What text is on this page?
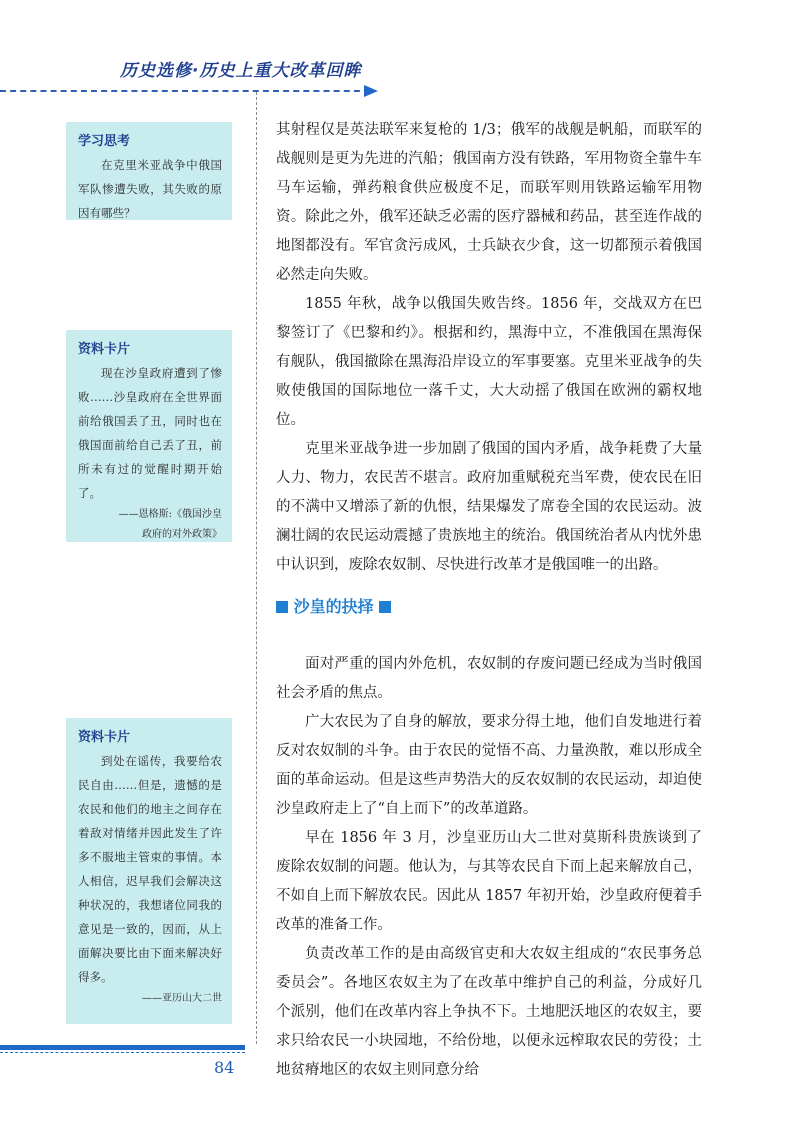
历史选修·历史上重大改革回眸
学习思考
在克里米亚战争中俄国军队惨遭失败，其失败的原因有哪些？
资料卡片
现在沙皇政府遭到了惨败……沙皇政府在全世界面前给俄国丢了丑，同时也在俄国面前给自己丢了丑，前所未有过的觉醒时期开始了。
——恩格斯:《俄国沙皇
政府的对外政策》
资料卡片
到处在谣传，我要给农民自由……但是，遗憾的是农民和他们的地主之间存在着敌对情绪并因此发生了许多不服地主管束的事情。本人相信，迟早我们会解决这种状况的，我想诸位同我的意见是一致的，因而，从上面解决要比由下面来解决好得多。
——亚历山大二世

其射程仅是英法联军来复枪的 1/3；俄军的战舰是帆船，而联军的战舰则是更为先进的汽船；俄国南方没有铁路，军用物资全靠牛车马车运输，弹药粮食供应极度不足，而联军则用铁路运输军用物资。除此之外，俄军还缺乏必需的医疗器械和药品，甚至连作战的地图都没有。军官贪污成风，士兵缺衣少食，这一切都预示着俄国必然走向失败。

1855 年秋，战争以俄国失败告终。1856 年，交战双方在巴黎签订了《巴黎和约》。根据和约，黑海中立，不准俄国在黑海保有舰队，俄国撤除在黑海沿岸设立的军事要塞。克里米亚战争的失败使俄国的国际地位一落千丈，大大动摇了俄国在欧洲的霸权地位。

克里米亚战争进一步加剧了俄国的国内矛盾，战争耗费了大量人力、物力，农民苦不堪言。政府加重赋税充当军费，使农民在旧的不满中又增添了新的仇恨，结果爆发了席卷全国的农民运动。波澜壮阔的农民运动震撼了贵族地主的统治。俄国统治者从内忧外患中认识到，废除农奴制、尽快进行改革才是俄国唯一的出路。

沙皇的抉择

面对严重的国内外危机，农奴制的存废问题已经成为当时俄国社会矛盾的焦点。

广大农民为了自身的解放，要求分得土地，他们自发地进行着反对农奴制的斗争。由于农民的觉悟不高、力量涣散，难以形成全面的革命运动。但是这些声势浩大的反农奴制的农民运动，却迫使沙皇政府走上了“自上而下”的改革道路。

早在 1856 年 3 月，沙皇亚历山大二世对莫斯科贵族谈到了废除农奴制的问题。他认为，与其等农民自下而上起来解放自己，不如自上而下解放农民。因此从 1857 年初开始，沙皇政府便着手改革的准备工作。

负责改革工作的是由高级官吏和大农奴主组成的“农民事务总委员会”。各地区农奴主为了在改革中维护自己的利益，分成好几个派别，他们在改革内容上争执不下。土地肥沃地区的农奴主，要求只给农民一小块园地，不给份地，以便永远榨取农民的劳役；土地贫瘠地区的农奴主则同意分给

84
